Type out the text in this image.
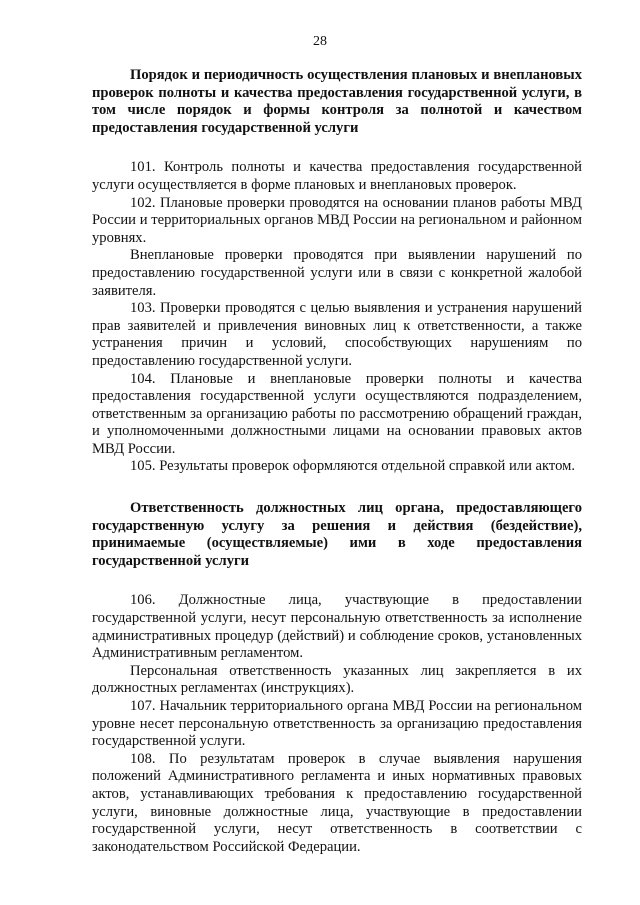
28
Порядок и периодичность осуществления плановых и внеплановых проверок полноты и качества предоставления государственной услуги, в том числе порядок и формы контроля за полнотой и качеством предоставления государственной услуги

101. Контроль полноты и качества предоставления государственной услуги осуществляется в форме плановых и внеплановых проверок.

102. Плановые проверки проводятся на основании планов работы МВД России и территориальных органов МВД России на региональном и районном уровнях.

Внеплановые проверки проводятся при выявлении нарушений по предоставлению государственной услуги или в связи с конкретной жалобой заявителя.

103. Проверки проводятся с целью выявления и устранения нарушений прав заявителей и привлечения виновных лиц к ответственности, а также устранения причин и условий, способствующих нарушениям по предоставлению государственной услуги.

104. Плановые и внеплановые проверки полноты и качества предоставления государственной услуги осуществляются подразделением, ответственным за организацию работы по рассмотрению обращений граждан, и уполномоченными должностными лицами на основании правовых актов МВД России.

105. Результаты проверок оформляются отдельной справкой или актом.

Ответственность должностных лиц органа, предоставляющего государственную услугу за решения и действия (бездействие), принимаемые (осуществляемые) ими в ходе предоставления государственной услуги

106. Должностные лица, участвующие в предоставлении государственной услуги, несут персональную ответственность за исполнение административных процедур (действий) и соблюдение сроков, установленных Административным регламентом.

Персональная ответственность указанных лиц закрепляется в их должностных регламентах (инструкциях).

107. Начальник территориального органа МВД России на региональном уровне несет персональную ответственность за организацию предоставления государственной услуги.

108. По результатам проверок в случае выявления нарушения положений Административного регламента и иных нормативных правовых актов, устанавливающих требования к предоставлению государственной услуги, виновные должностные лица, участвующие в предоставлении государственной услуги, несут ответственность в соответствии с законодательством Российской Федерации.
